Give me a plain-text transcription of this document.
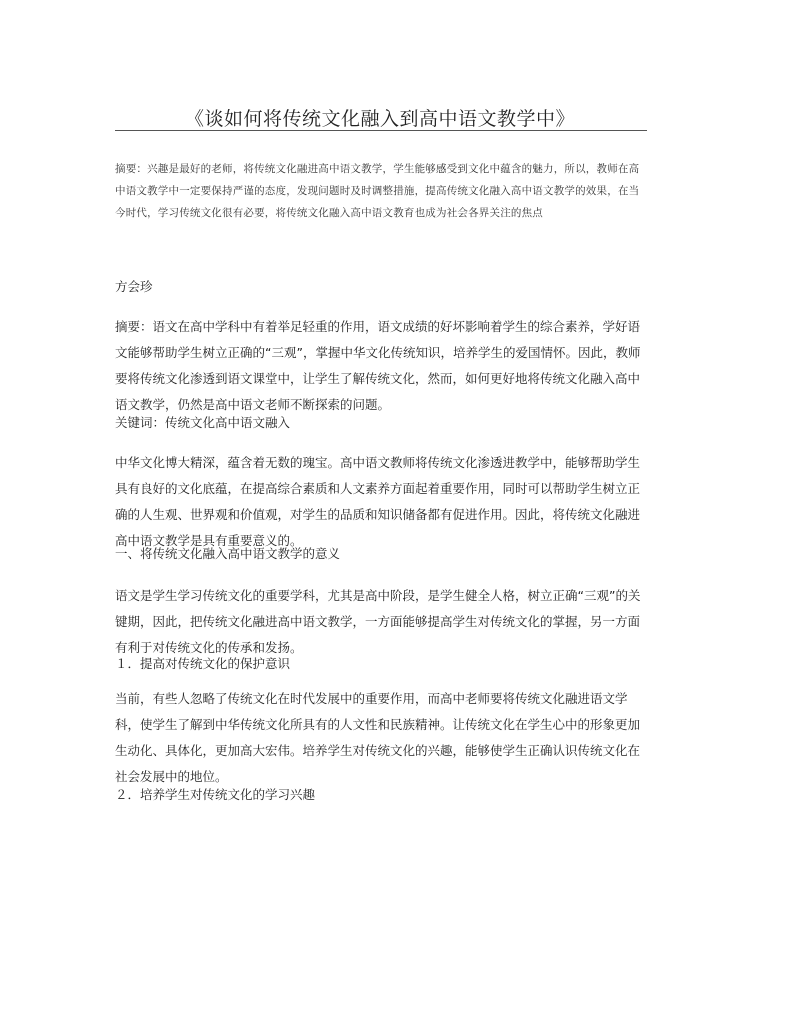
《谈如何将传统文化融入到高中语文教学中》
摘要：兴趣是最好的老师，将传统文化融进高中语文教学，学生能够感受到文化中蕴含的魅力，所以，教师在高中语文教学中一定要保持严谨的态度，发现问题时及时调整措施，提高传统文化融入高中语文教学的效果，在当今时代，学习传统文化很有必要，将传统文化融入高中语文教育也成为社会各界关注的焦点
方会珍
摘要：语文在高中学科中有着举足轻重的作用，语文成绩的好坏影响着学生的综合素养，学好语文能够帮助学生树立正确的“三观”，掌握中华文化传统知识，培养学生的爱国情怀。因此，教师要将传统文化渗透到语文课堂中，让学生了解传统文化，然而，如何更好地将传统文化融入高中语文教学，仍然是高中语文老师不断探索的问题。
关键词：传统文化高中语文融入
中华文化博大精深，蕴含着无数的瑰宝。高中语文教师将传统文化渗透进教学中，能够帮助学生具有良好的文化底蕴，在提高综合素质和人文素养方面起着重要作用，同时可以帮助学生树立正确的人生观、世界观和价值观，对学生的品质和知识储备都有促进作用。因此，将传统文化融进高中语文教学是具有重要意义的。
一、将传统文化融入高中语文教学的意义
语文是学生学习传统文化的重要学科，尤其是高中阶段，是学生健全人格，树立正确“三观”的关键期，因此，把传统文化融进高中语文教学，一方面能够提高学生对传统文化的掌握，另一方面有利于对传统文化的传承和发扬。
１．提高对传统文化的保护意识
当前，有些人忽略了传统文化在时代发展中的重要作用，而高中老师要将传统文化融进语文学科，使学生了解到中华传统文化所具有的人文性和民族精神。让传统文化在学生心中的形象更加生动化、具体化，更加高大宏伟。培养学生对传统文化的兴趣，能够使学生正确认识传统文化在社会发展中的地位。
２．培养学生对传统文化的学习兴趣
